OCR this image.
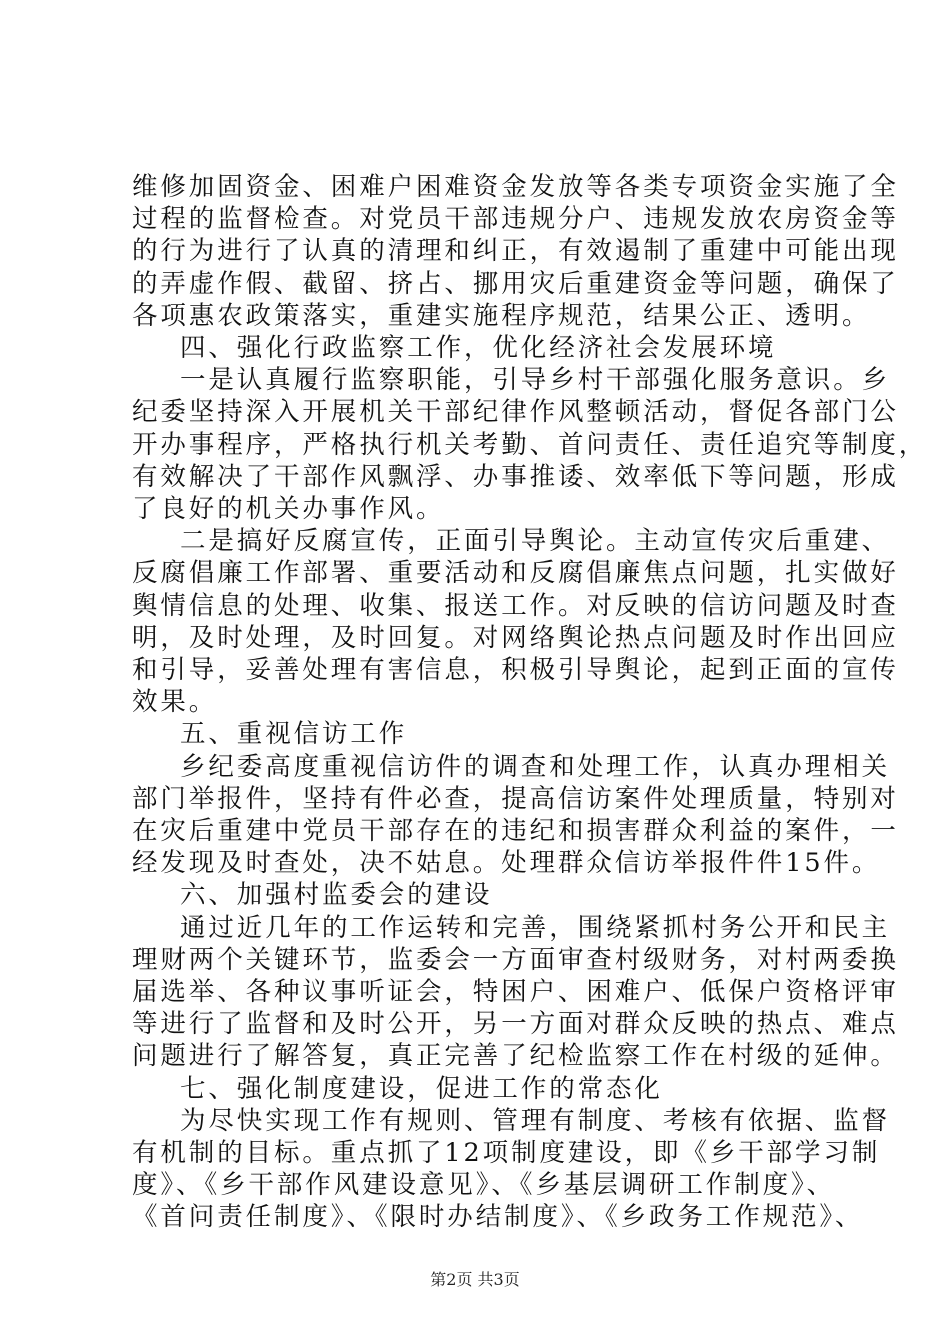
维修加固资金、困难户困难资金发放等各类专项资金实施了全
过程的监督检查。对党员干部违规分户、违规发放农房资金等
的行为进行了认真的清理和纠正，有效遏制了重建中可能出现
的弄虚作假、截留、挤占、挪用灾后重建资金等问题，确保了
各项惠农政策落实，重建实施程序规范，结果公正、透明。
四、强化行政监察工作，优化经济社会发展环境
一是认真履行监察职能，引导乡村干部强化服务意识。乡
纪委坚持深入开展机关干部纪律作风整顿活动，督促各部门公
开办事程序，严格执行机关考勤、首问责任、责任追究等制度，
有效解决了干部作风飘浮、办事推诿、效率低下等问题，形成
了良好的机关办事作风。
二是搞好反腐宣传，正面引导舆论。主动宣传灾后重建、
反腐倡廉工作部署、重要活动和反腐倡廉焦点问题，扎实做好
舆情信息的处理、收集、报送工作。对反映的信访问题及时查
明，及时处理，及时回复。对网络舆论热点问题及时作出回应
和引导，妥善处理有害信息，积极引导舆论，起到正面的宣传
效果。
五、重视信访工作
乡纪委高度重视信访件的调查和处理工作，认真办理相关
部门举报件，坚持有件必查，提高信访案件处理质量，特别对
在灾后重建中党员干部存在的违纪和损害群众利益的案件，一
经发现及时查处，决不姑息。处理群众信访举报件件15件。
六、加强村监委会的建设
通过近几年的工作运转和完善，围绕紧抓村务公开和民主
理财两个关键环节，监委会一方面审查村级财务，对村两委换
届选举、各种议事听证会，特困户、困难户、低保户资格评审
等进行了监督和及时公开，另一方面对群众反映的热点、难点
问题进行了解答复，真正完善了纪检监察工作在村级的延伸。
七、强化制度建设，促进工作的常态化
为尽快实现工作有规则、管理有制度、考核有依据、监督
有机制的目标。重点抓了12项制度建设，即《乡干部学习制
度》、《乡干部作风建设意见》、《乡基层调研工作制度》、
《首问责任制度》、《限时办结制度》、《乡政务工作规范》、
第2页 共3页
